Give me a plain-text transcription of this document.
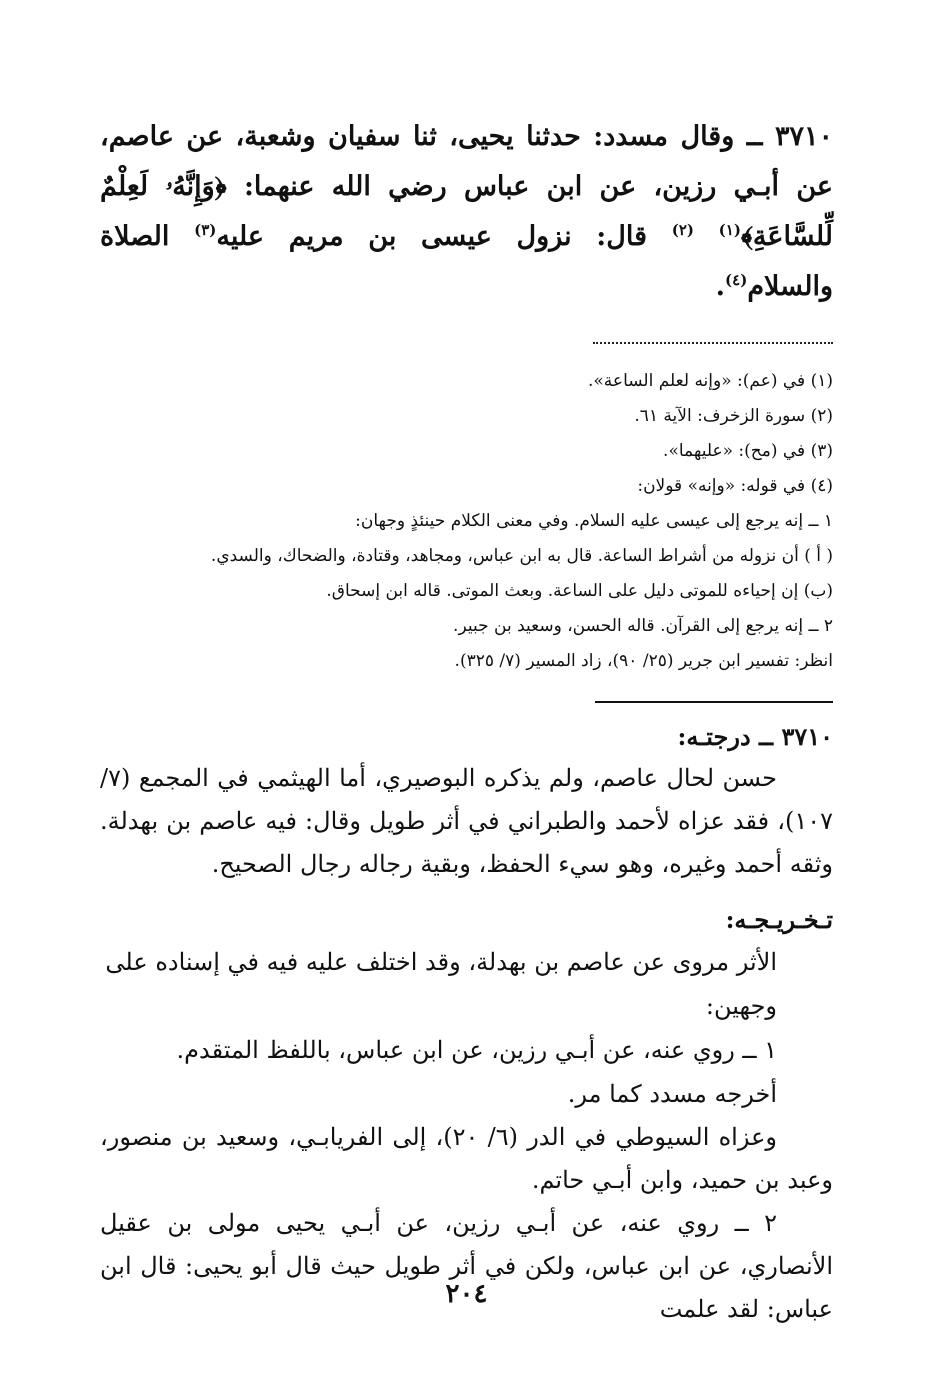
٣٧١٠ ــ وقال مسدد: حدثنا يحيى، ثنا سفيان وشعبة، عن عاصم، عن أبـي رزين، عن ابن عباس رضي الله عنهما: ﴿وَإِنَّهُۥ لَعِلْمٌ لِّلسَّاعَةِ﴾$^{(١)}$ $^{(٢)}$ قال: نزول عيسى بن مريم عليه$^{(٣)}$ الصلاة والسلام$^{(٤)}$.

(١) في (عم): «وإنه لعلم الساعة».

(٢) سورة الزخرف: الآية ٦١.

(٣) في (مح): «عليهما».

(٤) في قوله: «وإنه» قولان:

١ ــ إنه يرجع إلى عيسى عليه السلام. وفي معنى الكلام حينئذٍ وجهان:

( أ ) أن نزوله من أشراط الساعة. قال به ابن عباس، ومجاهد، وقتادة، والضحاك، والسدي.

(ب) إن إحياءه للموتى دليل على الساعة. وبعث الموتى. قاله ابن إسحاق.

٢ ــ إنه يرجع إلى القرآن. قاله الحسن، وسعيد بن جبير.

انظر: تفسير ابن جرير (٢٥/ ٩٠)، زاد المسير (٧/ ٣٢٥).

٣٧١٠ ــ درجتـه:

حسن لحال عاصم، ولم يذكره البوصيري، أما الهيثمي في المجمع (٧/ ١٠٧)، فقد عزاه لأحمد والطبراني في أثر طويل وقال: فيه عاصم بن بهدلة. وثقه أحمد وغيره، وهو سيء الحفظ، وبقية رجاله رجال الصحيح.

تـخـريـجـه:

الأثر مروى عن عاصم بن بهدلة، وقد اختلف عليه فيه في إسناده على وجهين:

١ ــ روي عنه، عن أبـي رزين، عن ابن عباس، باللفظ المتقدم.

أخرجه مسدد كما مر.

وعزاه السيوطي في الدر (٦/ ٢٠)، إلى الفريابـي، وسعيد بن منصور، وعبد بن حميد، وابن أبـي حاتم.

٢ ــ روي عنه، عن أبـي رزين، عن أبـي يحيى مولى بن عقيل الأنصاري، عن ابن عباس، ولكن في أثر طويل حيث قال أبو يحيى: قال ابن عباس: لقد علمت

٢٠٤
